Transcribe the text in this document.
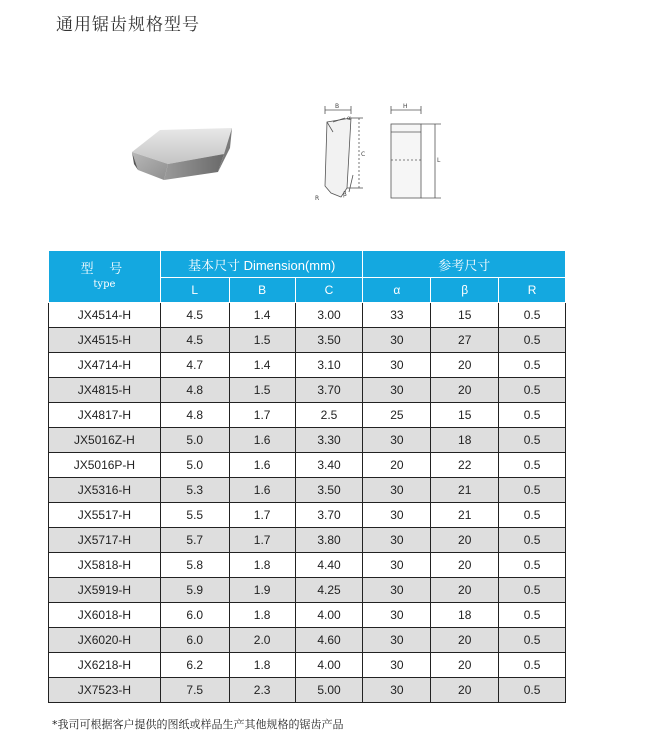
通用锯齿规格型号
B	H
C
L
α
β
R
型 号
type	基本尺寸 Dimension(mm)			参考尺寸		
	L	B	C	α	β	R
JX4514-H	4.5	1.4	3.00	33	15	0.5
JX4515-H	4.5	1.5	3.50	30	27	0.5
JX4714-H	4.7	1.4	3.10	30	20	0.5
JX4815-H	4.8	1.5	3.70	30	20	0.5
JX4817-H	4.8	1.7	2.5	25	15	0.5
JX5016Z-H	5.0	1.6	3.30	30	18	0.5
JX5016P-H	5.0	1.6	3.40	20	22	0.5
JX5316-H	5.3	1.6	3.50	30	21	0.5
JX5517-H	5.5	1.7	3.70	30	21	0.5
JX5717-H	5.7	1.7	3.80	30	20	0.5
JX5818-H	5.8	1.8	4.40	30	20	0.5
JX5919-H	5.9	1.9	4.25	30	20	0.5
JX6018-H	6.0	1.8	4.00	30	18	0.5
JX6020-H	6.0	2.0	4.60	30	20	0.5
JX6218-H	6.2	1.8	4.00	30	20	0.5
JX7523-H	7.5	2.3	5.00	30	20	0.5
*我司可根据客户提供的图纸或样品生产其他规格的锯齿产品
